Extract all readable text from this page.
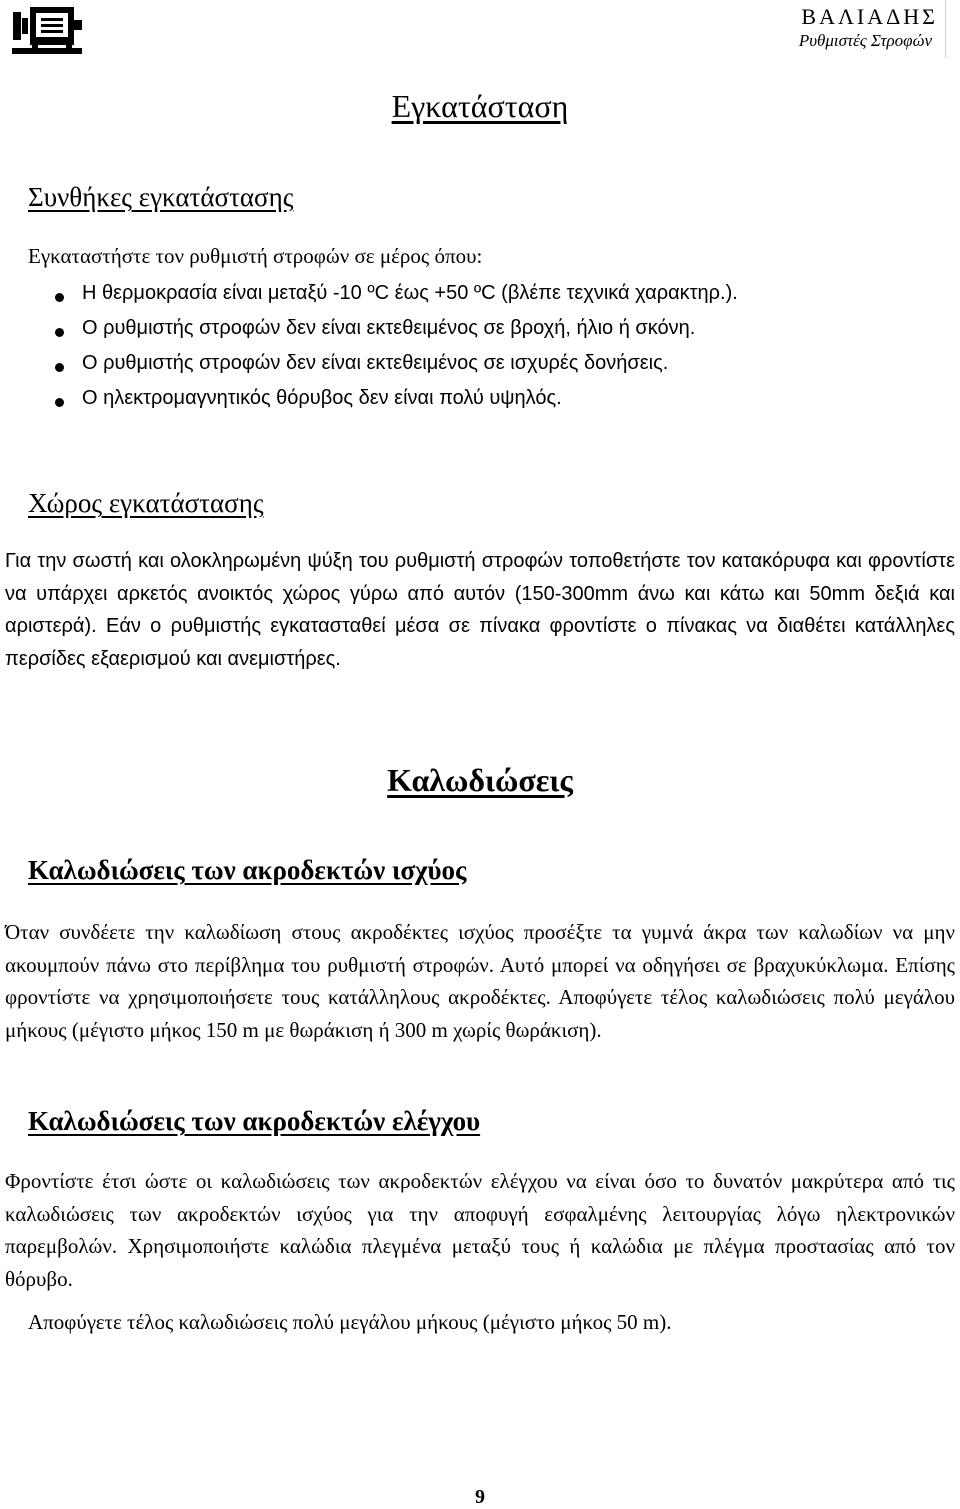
ΒΑΛΙΑΔΗΣ
Ρυθμιστές Στροφών
Εγκατάσταση
Συνθήκες εγκατάστασης
Εγκαταστήστε τον ρυθμιστή στροφών σε μέρος όπου:
Η θερμοκρασία είναι μεταξύ -10 ºC έως +50 ºC (βλέπε τεχνικά χαρακτηρ.).
Ο ρυθμιστής στροφών δεν είναι εκτεθειμένος σε βροχή, ήλιο ή σκόνη.
Ο ρυθμιστής στροφών δεν είναι εκτεθειμένος σε ισχυρές δονήσεις.
Ο ηλεκτρομαγνητικός θόρυβος δεν είναι πολύ υψηλός.
Χώρος εγκατάστασης
Για την σωστή και ολοκληρωμένη ψύξη του ρυθμιστή στροφών τοποθετήστε τον κατακόρυφα και φροντίστε να υπάρχει αρκετός ανοικτός χώρος γύρω από αυτόν (150-300mm άνω και κάτω και 50mm δεξιά και αριστερά). Εάν ο ρυθμιστής εγκατασταθεί μέσα σε πίνακα φροντίστε ο πίνακας να διαθέτει κατάλληλες περσίδες εξαερισμού και ανεμιστήρες.
Καλωδιώσεις
Καλωδιώσεις των ακροδεκτών ισχύος
Όταν συνδέετε την καλωδίωση στους ακροδέκτες ισχύος προσέξτε τα γυμνά άκρα των καλωδίων να μην ακουμπούν πάνω στο περίβλημα του ρυθμιστή στροφών. Αυτό μπορεί να οδηγήσει σε βραχυκύκλωμα. Επίσης φροντίστε να χρησιμοποιήσετε τους κατάλληλους ακροδέκτες. Αποφύγετε τέλος καλωδιώσεις πολύ μεγάλου μήκους (μέγιστο μήκος 150 m με θωράκιση ή 300 m χωρίς θωράκιση).
Καλωδιώσεις των ακροδεκτών ελέγχου
Φροντίστε έτσι ώστε οι καλωδιώσεις των ακροδεκτών ελέγχου να είναι όσο το δυνατόν μακρύτερα από τις καλωδιώσεις των ακροδεκτών ισχύος για την αποφυγή εσφαλμένης λειτουργίας λόγω ηλεκτρονικών παρεμβολών. Χρησιμοποιήστε καλώδια πλεγμένα μεταξύ τους ή καλώδια με πλέγμα προστασίας από τον θόρυβο.
Αποφύγετε τέλος καλωδιώσεις πολύ μεγάλου μήκους (μέγιστο μήκος 50 m).
9
